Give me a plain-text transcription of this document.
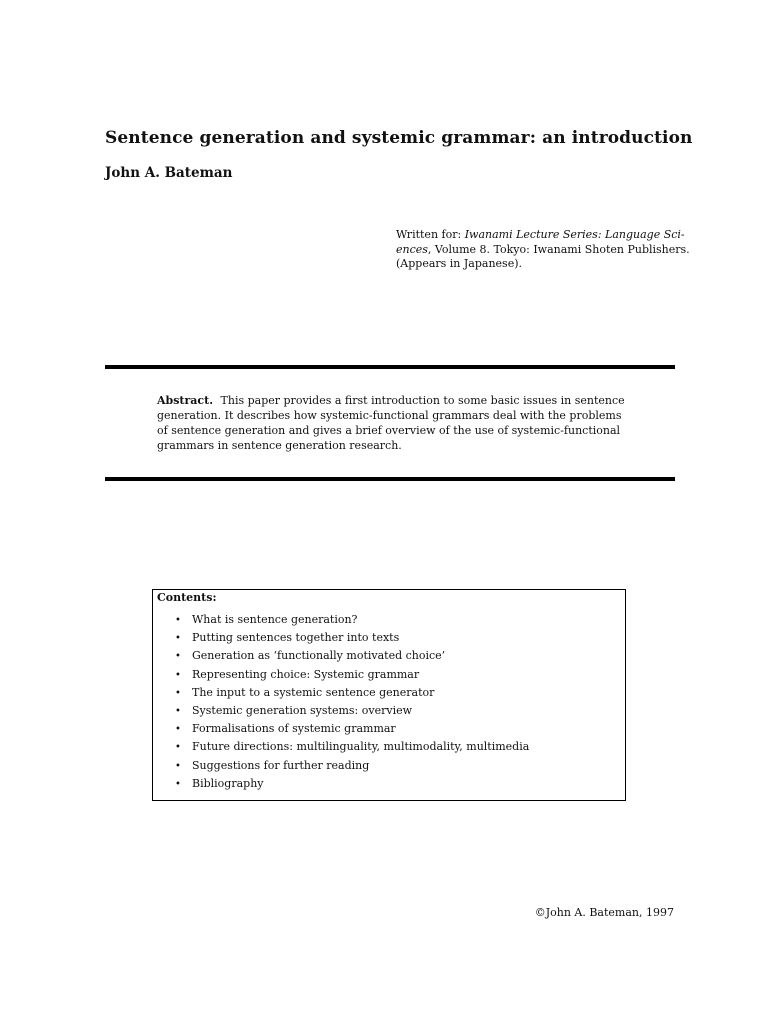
Sentence generation and systemic grammar: an introduction
John A. Bateman
Written for: Iwanami Lecture Series: Language Sci-
ences, Volume 8. Tokyo: Iwanami Shoten Publishers.
(Appears in Japanese).
Abstract. This paper provides a first introduction to some basic issues in sentence
generation. It describes how systemic-functional grammars deal with the problems
of sentence generation and gives a brief overview of the use of systemic-functional
grammars in sentence generation research.
Contents:
• What is sentence generation?
• Putting sentences together into texts
• Generation as ‘functionally motivated choice’
• Representing choice: Systemic grammar
• The input to a systemic sentence generator
• Systemic generation systems: overview
• Formalisations of systemic grammar
• Future directions: multilinguality, multimodality, multimedia
• Suggestions for further reading
• Bibliography
©John A. Bateman, 1997
